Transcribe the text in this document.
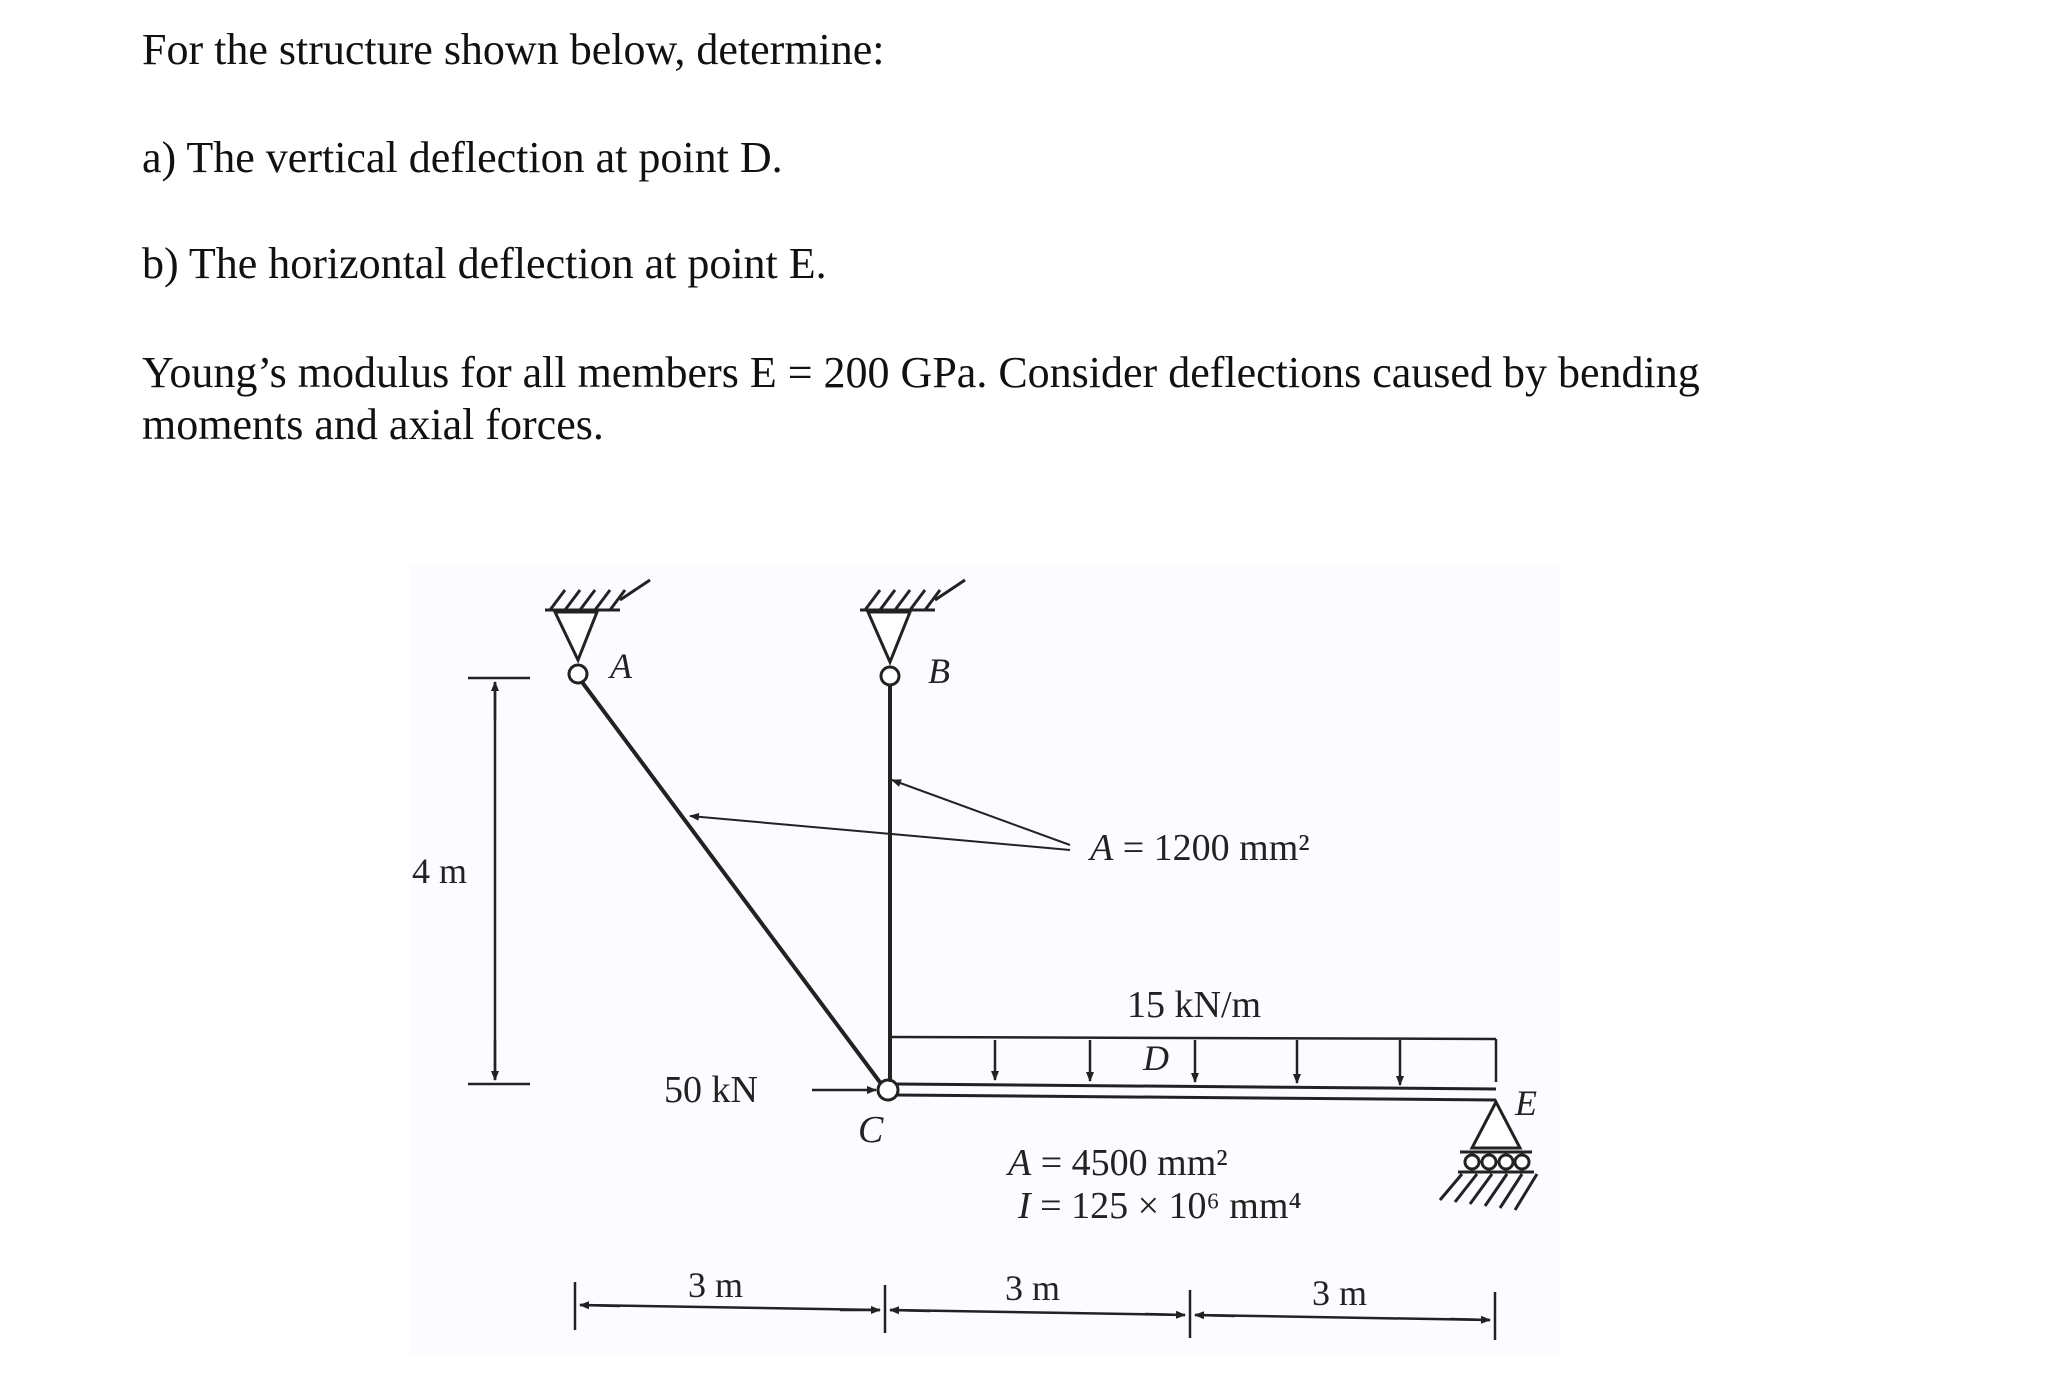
For the structure shown below, determine:
a) The vertical deflection at point D.
b) The horizontal deflection at point E.
Young’s modulus for all members E = 200 GPa. Consider deflections caused by bending
moments and axial forces.
A	B
C
D
E
4 m
50 kN
15 kN/m
A = 1200 mm²
A = 4500 mm²
I = 125 × 10⁶ mm⁴
3 m	3 m	3 m
